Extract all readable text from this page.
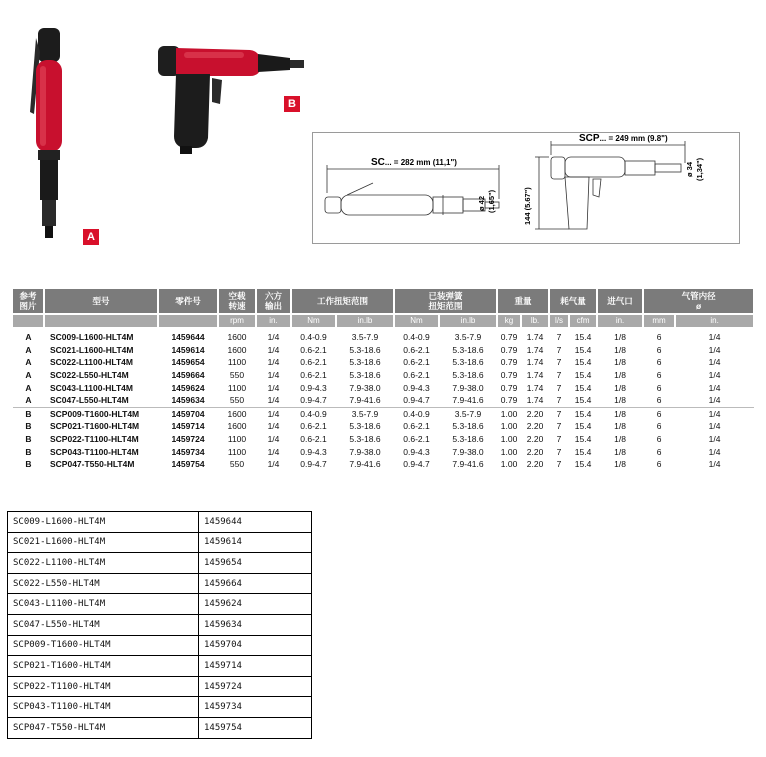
A
B
SC... = 282 mm (11,1")
ø 42 (1,65")
SCP... = 249 mm (9.8")
144 (5.67")
ø 34 (1,34")
参考
图片	型号	零件号	空载
转速	六方
输出	工作扭矩范围		已装弹簧
扭矩范围		重量		耗气量		进气口	气管内径
ø	
			rpm	in.	Nm	in.lb	Nm	in.lb	kg	lb.	l/s	cfm	in.	mm	in.
A	SC009-L1600-HLT4M	1459644	1600	1/4	0.4-0.9	3.5-7.9	0.4-0.9	3.5-7.9	0.79	1.74	7	15.4	1/8	6	1/4
A	SC021-L1600-HLT4M	1459614	1600	1/4	0.6-2.1	5.3-18.6	0.6-2.1	5.3-18.6	0.79	1.74	7	15.4	1/8	6	1/4
A	SC022-L1100-HLT4M	1459654	1100	1/4	0.6-2.1	5.3-18.6	0.6-2.1	5.3-18.6	0.79	1.74	7	15.4	1/8	6	1/4
A	SC022-L550-HLT4M	1459664	550	1/4	0.6-2.1	5.3-18.6	0.6-2.1	5.3-18.6	0.79	1.74	7	15.4	1/8	6	1/4
A	SC043-L1100-HLT4M	1459624	1100	1/4	0.9-4.3	7.9-38.0	0.9-4.3	7.9-38.0	0.79	1.74	7	15.4	1/8	6	1/4
A	SC047-L550-HLT4M	1459634	550	1/4	0.9-4.7	7.9-41.6	0.9-4.7	7.9-41.6	0.79	1.74	7	15.4	1/8	6	1/4
B	SCP009-T1600-HLT4M	1459704	1600	1/4	0.4-0.9	3.5-7.9	0.4-0.9	3.5-7.9	1.00	2.20	7	15.4	1/8	6	1/4
B	SCP021-T1600-HLT4M	1459714	1600	1/4	0.6-2.1	5.3-18.6	0.6-2.1	5.3-18.6	1.00	2.20	7	15.4	1/8	6	1/4
B	SCP022-T1100-HLT4M	1459724	1100	1/4	0.6-2.1	5.3-18.6	0.6-2.1	5.3-18.6	1.00	2.20	7	15.4	1/8	6	1/4
B	SCP043-T1100-HLT4M	1459734	1100	1/4	0.9-4.3	7.9-38.0	0.9-4.3	7.9-38.0	1.00	2.20	7	15.4	1/8	6	1/4
B	SCP047-T550-HLT4M	1459754	550	1/4	0.9-4.7	7.9-41.6	0.9-4.7	7.9-41.6	1.00	2.20	7	15.4	1/8	6	1/4
SC009-L1600-HLT4M	1459644
SC021-L1600-HLT4M	1459614
SC022-L1100-HLT4M	1459654
SC022-L550-HLT4M	1459664
SC043-L1100-HLT4M	1459624
SC047-L550-HLT4M	1459634
SCP009-T1600-HLT4M	1459704
SCP021-T1600-HLT4M	1459714
SCP022-T1100-HLT4M	1459724
SCP043-T1100-HLT4M	1459734
SCP047-T550-HLT4M	1459754
